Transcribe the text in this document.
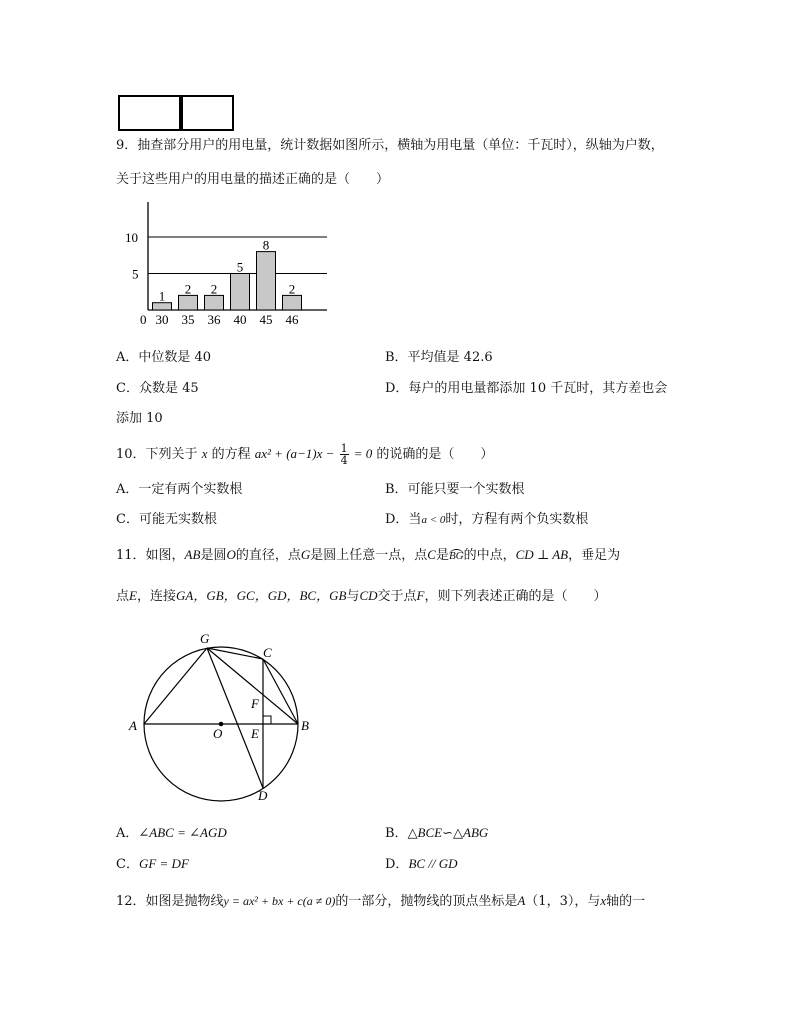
9．抽查部分用户的用电量，统计数据如图所示，横轴为用电量（单位：千瓦时），纵轴为户数，
关于这些用户的用电量的描述正确的是（　　）
1 2 2
5
8
2
0
5
10
30 35 36 40 45 46
A．中位数是 40	B．平均值是 42.6
C．众数是 45	D．每户的用电量都添加 10 千瓦时，其方差也会
添加 10
10．下列关于 x 的方程 $ax^2 + (a-1)x - \frac{1}{4} = 0$ 的说确的是（　　）
A．一定有两个实数根	B．可能只要一个实数根
C．可能无实数根	D．当a < 0时，方程有两个负实数根
11．如图，AB是圆O的直径，点G是圆上任意一点，点C是BG的中点，CD ⊥ AB，垂足为
点E，连接GA，GB，GC，GD，BC，GB与CD交于点F，则下列表述正确的是（　　）
G
C
F
A
O E
B
D
A．∠ABC = ∠AGD	B．△BCE∽△ABG
C．GF = DF	D．BC // GD
12．如图是抛物线y = ax² + bx + c(a ≠ 0)的一部分，抛物线的顶点坐标是A（1，3），与x轴的一
